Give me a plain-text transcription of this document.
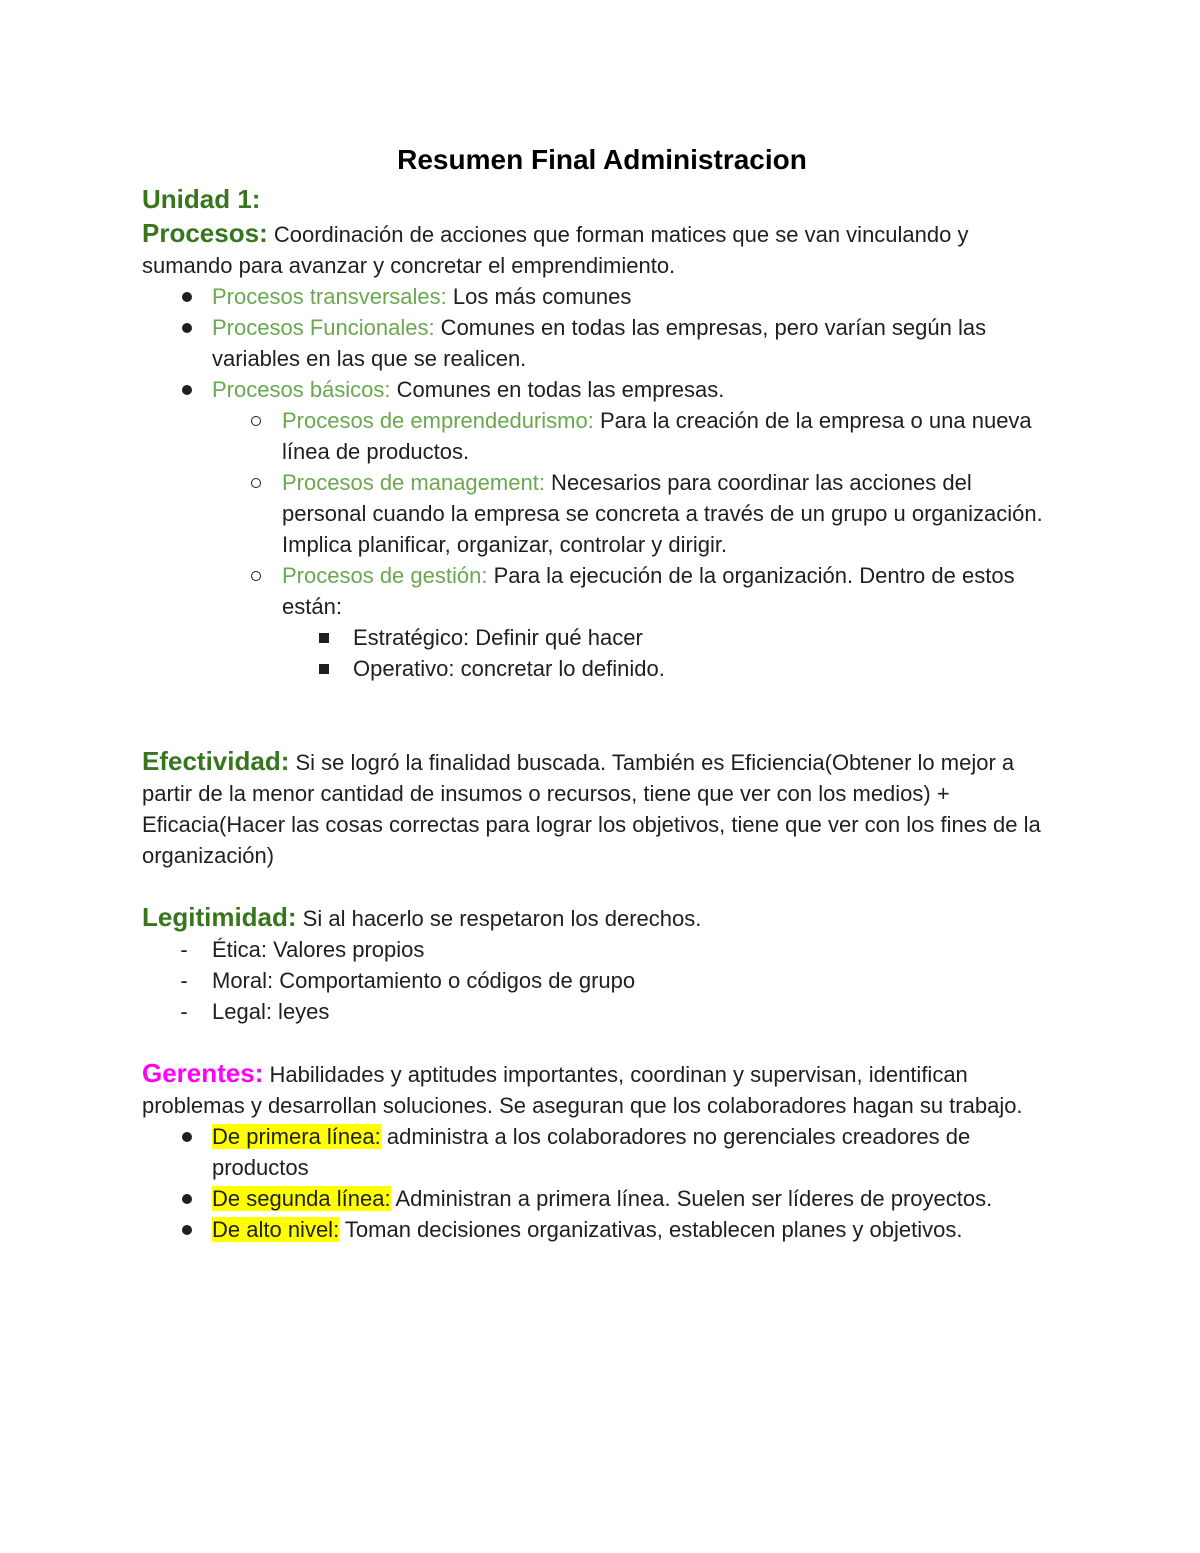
Resumen Final Administracion

Unidad 1:

Procesos: Coordinación de acciones que forman matices que se van vinculando y sumando para avanzar y concretar el emprendimiento.

Procesos transversales: Los más comunes
Procesos Funcionales: Comunes en todas las empresas, pero varían según las variables en las que se realicen.
Procesos básicos: Comunes en todas las empresas.
Procesos de emprendedurismo: Para la creación de la empresa o una nueva línea de productos.
Procesos de management: Necesarios para coordinar las acciones del personal cuando la empresa se concreta a través de un grupo u organización. Implica planificar, organizar, controlar y dirigir.
Procesos de gestión: Para la ejecución de la organización. Dentro de estos están:
Estratégico: Definir qué hacer
Operativo: concretar lo definido.

Efectividad: Si se logró la finalidad buscada. También es Eficiencia(Obtener lo mejor a partir de la menor cantidad de insumos o recursos, tiene que ver con los medios) + Eficacia(Hacer las cosas correctas para lograr los objetivos, tiene que ver con los fines de la organización)

Legitimidad: Si al hacerlo se respetaron los derechos.

- Ética: Valores propios
- Moral: Comportamiento o códigos de grupo
- Legal: leyes

Gerentes: Habilidades y aptitudes importantes, coordinan y supervisan, identifican problemas y desarrollan soluciones. Se aseguran que los colaboradores hagan su trabajo.

De primera línea: administra a los colaboradores no gerenciales creadores de productos
De segunda línea: Administran a primera línea. Suelen ser líderes de proyectos.
De alto nivel: Toman decisiones organizativas, establecen planes y objetivos.
